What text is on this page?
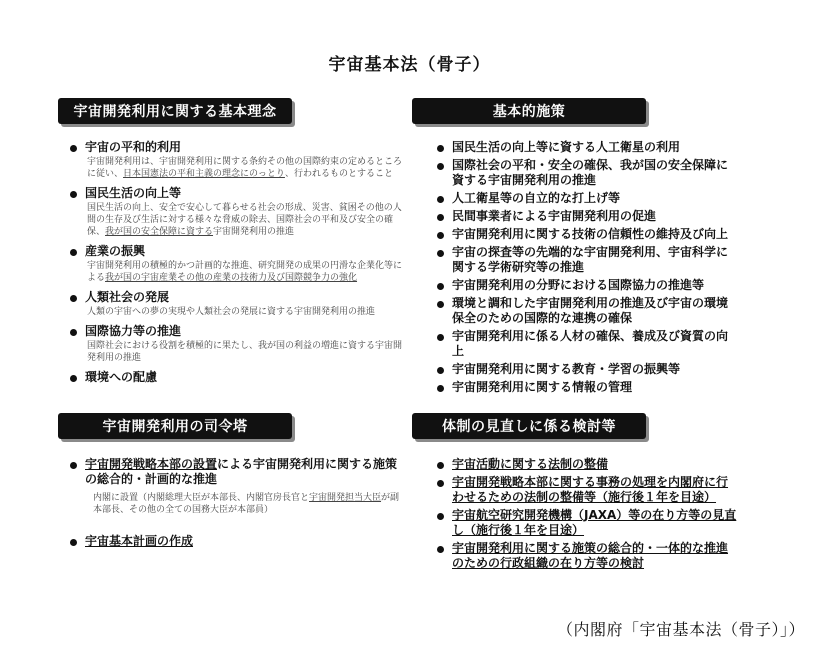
宇宙基本法（骨子）
宇宙開発利用に関する基本理念
宇宙の平和的利用
宇宙開発利用は、宇宙開発利用に関する条約その他の国際約束の定めるところに従い、日本国憲法の平和主義の理念にのっとり、行われるものとすること
国民生活の向上等
国民生活の向上、安全で安心して暮らせる社会の形成、災害、貧困その他の人間の生存及び生活に対する様々な脅威の除去、国際社会の平和及び安全の確保、我が国の安全保障に資する宇宙開発利用の推進
産業の振興
宇宙開発利用の積極的かつ計画的な推進、研究開発の成果の円滑な企業化等による我が国の宇宙産業その他の産業の技術力及び国際競争力の強化
人類社会の発展
人類の宇宙への夢の実現や人類社会の発展に資する宇宙開発利用の推進
国際協力等の推進
国際社会における役割を積極的に果たし、我が国の利益の増進に資する宇宙開発利用の推進
環境への配慮
基本的施策
国民生活の向上等に資する人工衛星の利用
国際社会の平和・安全の確保、我が国の安全保障に資する宇宙開発利用の推進
人工衛星等の自立的な打上げ等
民間事業者による宇宙開発利用の促進
宇宙開発利用に関する技術の信頼性の維持及び向上
宇宙の探査等の先端的な宇宙開発利用、宇宙科学に関する学術研究等の推進
宇宙開発利用の分野における国際協力の推進等
環境と調和した宇宙開発利用の推進及び宇宙の環境保全のための国際的な連携の確保
宇宙開発利用に係る人材の確保、養成及び資質の向上
宇宙開発利用に関する教育・学習の振興等
宇宙開発利用に関する情報の管理
宇宙開発利用の司令塔
宇宙開発戦略本部の設置による宇宙開発利用に関する施策の総合的・計画的な推進
内閣に設置（内閣総理大臣が本部長、内閣官房長官と宇宙開発担当大臣が副本部長、その他の全ての国務大臣が本部員）
宇宙基本計画の作成
体制の見直しに係る検討等
宇宙活動に関する法制の整備
宇宙開発戦略本部に関する事務の処理を内閣府に行わせるための法制の整備等（施行後１年を目途）
宇宙航空研究開発機構（JAXA）等の在り方等の見直し（施行後１年を目途）
宇宙開発利用に関する施策の総合的・一体的な推進のための行政組織の在り方等の検討
（内閣府「宇宙基本法（骨子）」）
